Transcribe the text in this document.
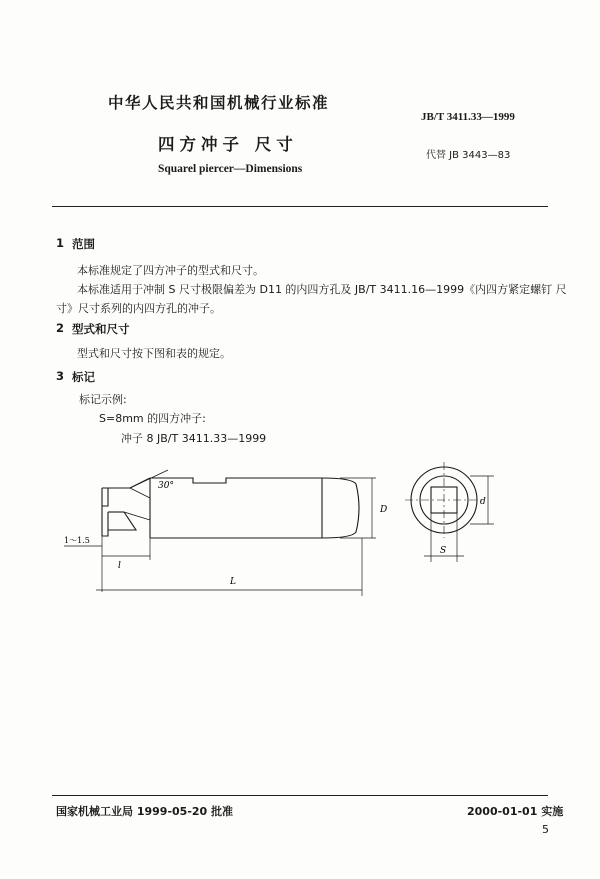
中华人民共和国机械行业标准
JB/T 3411.33—1999
四方冲子 尺寸
代替 JB 3443—83
Squarel piercer—Dimensions
1 范围
本标准规定了四方冲子的型式和尺寸。
本标准适用于冲制 S 尺寸极限偏差为 D11 的内四方孔及 JB/T 3411.16—1999《内四方紧定螺钉 尺
寸》尺寸系列的内四方孔的冲子。
2 型式和尺寸
型式和尺寸按下图和表的规定。
3 标记
标记示例:
S=8mm 的四方冲子:
冲子 8 JB/T 3411.33—1999
30°
1～1.5
l
L
D
d
S
国家机械工业局 1999-05-20 批准	2000-01-01 实施
5
